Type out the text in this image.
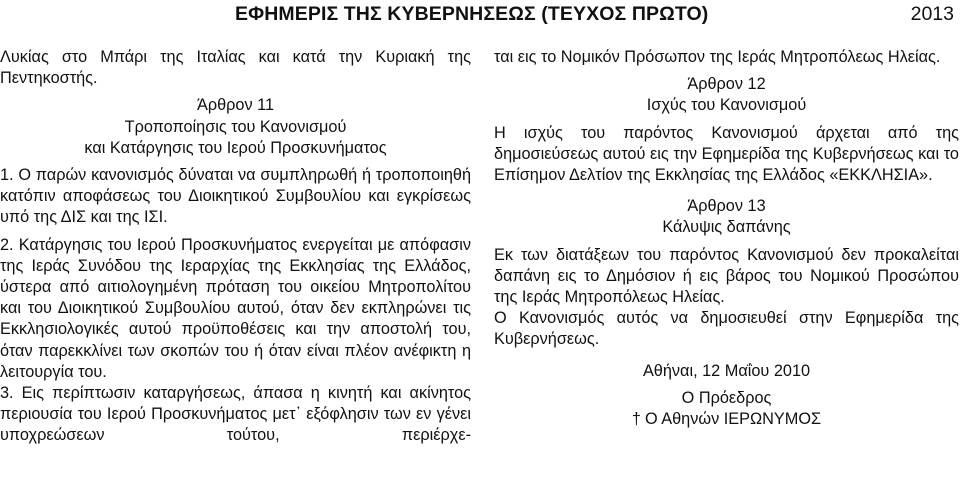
ΕΦΗΜΕΡΙΣ ΤΗΣ ΚΥΒΕΡΝΗΣΕΩΣ (ΤΕΥΧΟΣ ΠΡΩΤΟ)	2013

Λυκίας στο Μπάρι της Ιταλίας και κατά την Κυριακή της Πεντηκοστής.

Άρθρον 11

Τροποποίησις του Κανονισμού

και Κατάργησις του Ιερού Προσκυνήματος

1. Ο παρών κανονισμός δύναται να συμπληρωθή ή τροποποιηθή κατόπιν αποφάσεως του Διοικητικού Συμβουλίου και εγκρίσεως υπό της ΔΙΣ και της ΙΣΙ.

2. Κατάργησις του Ιερού Προσκυνήματος ενεργείται με απόφασιν της Ιεράς Συνόδου της Ιεραρχίας της Εκκλησίας της Ελλάδος, ύστερα από αιτιολογημένη πρόταση του οικείου Μητροπολίτου και του Διοικητικού Συμβουλίου αυτού, όταν δεν εκπληρώνει τις Εκκλησιολογικές αυτού προϋποθέσεις και την αποστολή του, όταν παρεκκλίνει των σκοπών του ή όταν είναι πλέον ανέφικτη η λειτουργία του.

3. Εις περίπτωσιν καταργήσεως, άπασα η κινητή και ακίνητος περιουσία του Ιερού Προσκυνήματος μετ᾽ εξόφλησιν των εν γένει υποχρεώσεων τούτου, περιέρχε-

ται εις το Νομικόν Πρόσωπον της Ιεράς Μητροπόλεως Ηλείας.

Άρθρον 12

Ισχύς του Κανονισμού

Η ισχύς του παρόντος Κανονισμού άρχεται από της δημοσιεύσεως αυτού εις την Εφημερίδα της Κυβερνήσεως και το Επίσημον Δελτίον της Εκκλησίας της Ελλάδος «ΕΚΚΛΗΣΙΑ».

Άρθρον 13

Κάλυψις δαπάνης

Εκ των διατάξεων του παρόντος Κανονισμού δεν προκαλείται δαπάνη εις το Δημόσιον ή εις βάρος του Νομικού Προσώπου της Ιεράς Μητροπόλεως Ηλείας.

Ο Κανονισμός αυτός να δημοσιευθεί στην Εφημερίδα της Κυβερνήσεως.

Αθήναι, 12 Μαΐου 2010

Ο Πρόεδρος

† Ο Αθηνών ΙΕΡΩΝΥΜΟΣ
